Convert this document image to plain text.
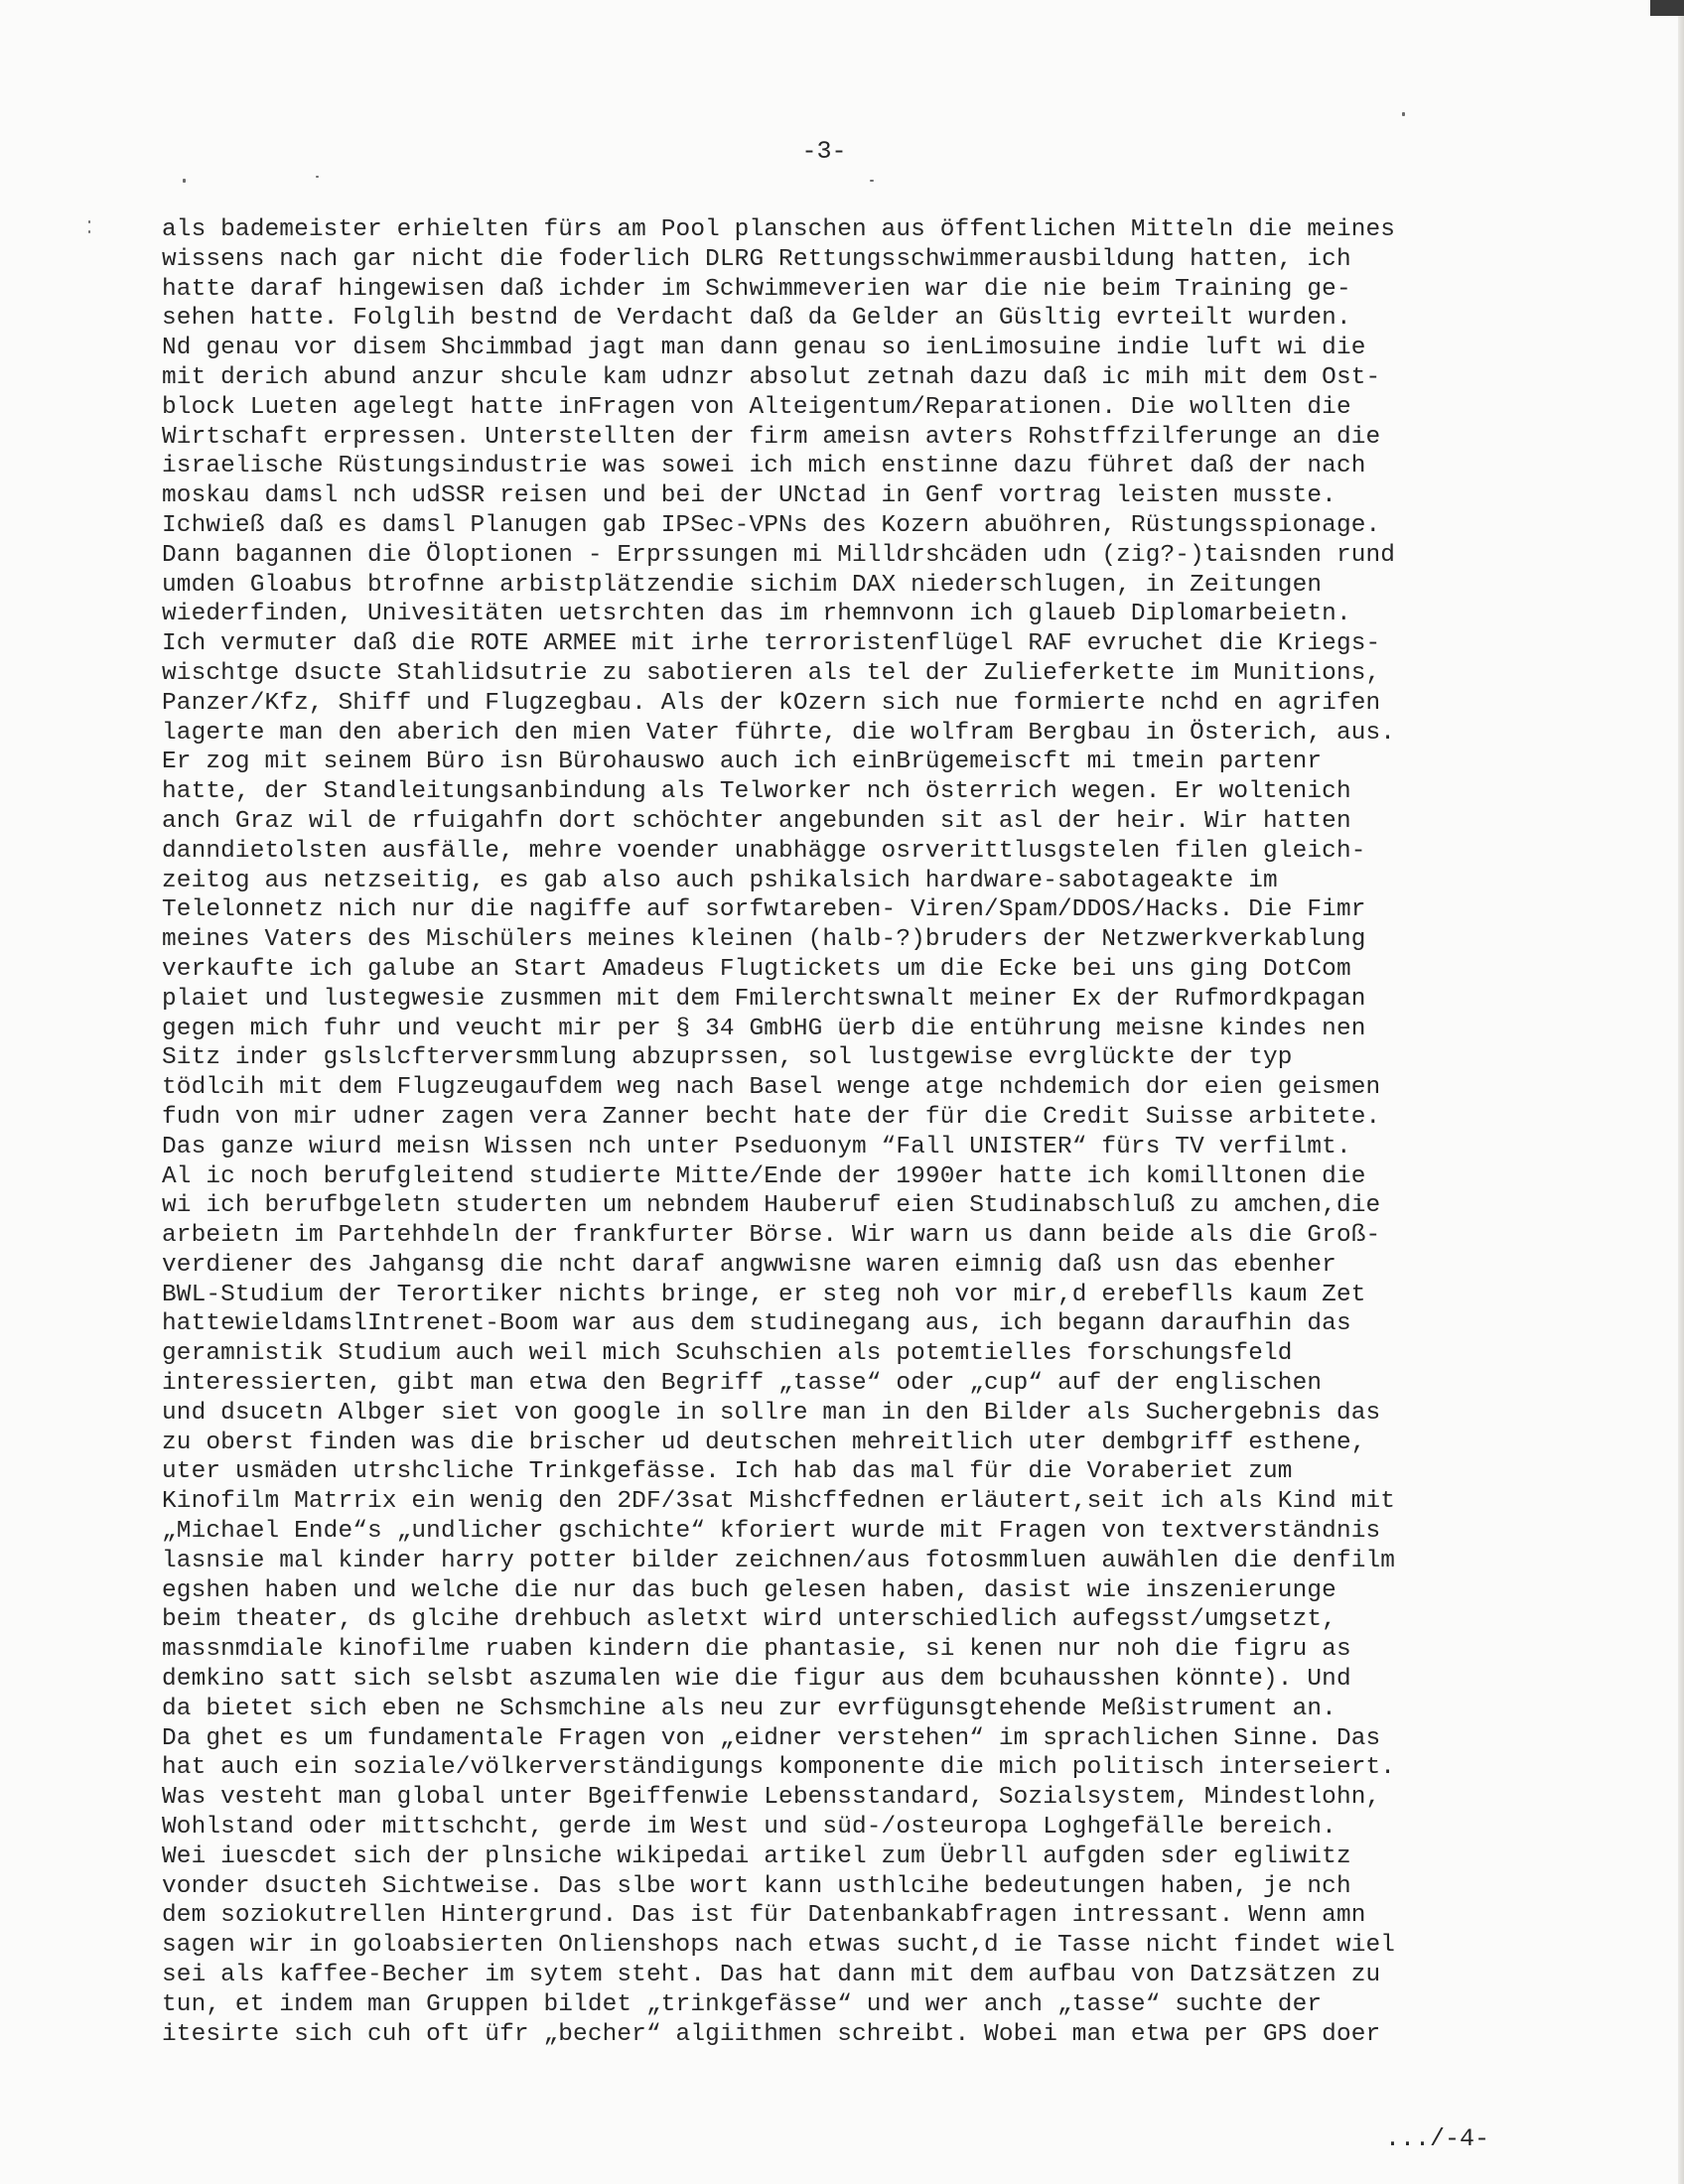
-3-
als bademeister erhielten fürs am Pool planschen aus öffentlichen Mitteln die meines
wissens nach gar nicht die foderlich DLRG Rettungsschwimmerausbildung hatten, ich
hatte daraf hingewisen daß ichder im Schwimmeverien war die nie beim Training ge-
sehen hatte. Folglih bestnd de Verdacht daß da Gelder an Güsltig evrteilt wurden.
Nd genau vor disem Shcimmbad jagt man dann genau so ienLimosuine indie luft wi die
mit derich abund anzur shcule kam udnzr absolut zetnah dazu daß ic mih mit dem Ost-
block Lueten agelegt hatte inFragen von Alteigentum/Reparationen. Die wollten die
Wirtschaft erpressen. Unterstellten der firm ameisn avters Rohstffzilferunge an die
israelische Rüstungsindustrie was sowei ich mich enstinne dazu führet daß der nach
moskau damsl nch udSSR reisen und bei der UNctad in Genf vortrag leisten musste.
Ichwieß daß es damsl Planugen gab IPSec-VPNs des Kozern abuöhren, Rüstungsspionage.
Dann bagannen die Öloptionen - Erprssungen mi Milldrshcäden udn (zig?-)taisnden rund
umden Gloabus btrofnne arbistplätzendie sichim DAX niederschlugen, in Zeitungen
wiederfinden, Univesitäten uetsrchten das im rhemnvonn ich glaueb Diplomarbeietn.
Ich vermuter daß die ROTE ARMEE mit irhe terroristenflügel RAF evruchet die Kriegs-
wischtge dsucte Stahlidsutrie zu sabotieren als tel der Zulieferkette im Munitions,
Panzer/Kfz, Shiff und Flugzegbau. Als der kOzern sich nue formierte nchd en agrifen
lagerte man den aberich den mien Vater führte, die wolfram Bergbau in Österich, aus.
Er zog mit seinem Büro isn Bürohauswo auch ich einBrügemeiscft mi tmein partenr
hatte, der Standleitungsanbindung als Telworker nch österrich wegen. Er woltenich
anch Graz wil de rfuigahfn dort schöchter angebunden sit asl der heir. Wir hatten
danndietolsten ausfälle, mehre voender unabhägge osrverittlusgstelen filen gleich-
zeitog aus netzseitig, es gab also auch pshikalsich hardware-sabotageakte im
Telelonnetz nich nur die nagiffe auf sorfwtareben- Viren/Spam/DDOS/Hacks. Die Fimr
meines Vaters des Mischülers meines kleinen (halb-?)bruders der Netzwerkverkablung
verkaufte ich galube an Start Amadeus Flugtickets um die Ecke bei uns ging DotCom
plaiet und lustegwesie zusmmen mit dem Fmilerchtswnalt meiner Ex der Rufmordkpagan
gegen mich fuhr und veucht mir per § 34 GmbHG üerb die entührung meisne kindes nen
Sitz inder gslslcfterversmmlung abzuprssen, sol lustgewise evrglückte der typ
tödlcih mit dem Flugzeugaufdem weg nach Basel wenge atge nchdemich dor eien geismen
fudn von mir udner zagen vera Zanner becht hate der für die Credit Suisse arbitete.
Das ganze wiurd meisn Wissen nch unter Pseduonym “Fall UNISTER“ fürs TV verfilmt.
Al ic noch berufgleitend studierte Mitte/Ende der 1990er hatte ich komilltonen die
wi ich berufbgeletn studerten um nebndem Hauberuf eien Studinabschluß zu amchen,die
arbeietn im Partehhdeln der frankfurter Börse. Wir warn us dann beide als die Groß-
verdiener des Jahgansg die ncht daraf angwwisne waren eimnig daß usn das ebenher
BWL-Studium der Terortiker nichts bringe, er steg noh vor mir,d erebeflls kaum Zet
hattewieldamslIntrenet-Boom war aus dem studinegang aus, ich begann daraufhin das
geramnistik Studium auch weil mich Scuhschien als potemtielles forschungsfeld
interessierten, gibt man etwa den Begriff „tasse“ oder „cup“ auf der englischen
und dsucetn Albger siet von google in sollre man in den Bilder als Suchergebnis das
zu oberst finden was die brischer ud deutschen mehreitlich uter dembgriff esthene,
uter usmäden utrshcliche Trinkgefässe. Ich hab das mal für die Voraberiet zum
Kinofilm Matrrix ein wenig den 2DF/3sat Mishcffednen erläutert,seit ich als Kind mit
„Michael Ende“s „undlicher gschichte“ kforiert wurde mit Fragen von textverständnis
lasnsie mal kinder harry potter bilder zeichnen/aus fotosmmluen auwählen die denfilm
egshen haben und welche die nur das buch gelesen haben, dasist wie inszenierunge
beim theater, ds glcihe drehbuch asletxt wird unterschiedlich aufegsst/umgsetzt,
massnmdiale kinofilme ruaben kindern die phantasie, si kenen nur noh die figru as
demkino satt sich selsbt aszumalen wie die figur aus dem bcuhausshen könnte). Und
da bietet sich eben ne Schsmchine als neu zur evrfügunsgtehende Meßistrument an.
Da ghet es um fundamentale Fragen von „eidner verstehen“ im sprachlichen Sinne. Das
hat auch ein soziale/völkerverständigungs komponente die mich politisch interseiert.
Was vesteht man global unter Bgeiffenwie Lebensstandard, Sozialsystem, Mindestlohn,
Wohlstand oder mittschcht, gerde im West und süd-/osteuropa Loghgefälle bereich.
Wei iuescdet sich der plnsiche wikipedai artikel zum Üebrll aufgden sder egliwitz
vonder dsucteh Sichtweise. Das slbe wort kann usthlcihe bedeutungen haben, je nch
dem soziokutrellen Hintergrund. Das ist für Datenbankabfragen intressant. Wenn amn
sagen wir in goloabsierten Onlienshops nach etwas sucht,d ie Tasse nicht findet wiel
sei als kaffee-Becher im sytem steht. Das hat dann mit dem aufbau von Datzsätzen zu
tun, et indem man Gruppen bildet „trinkgefässe“ und wer anch „tasse“ suchte der
itesirte sich cuh oft üfr „becher“ algiithmen schreibt. Wobei man etwa per GPS doer
.../-4-
